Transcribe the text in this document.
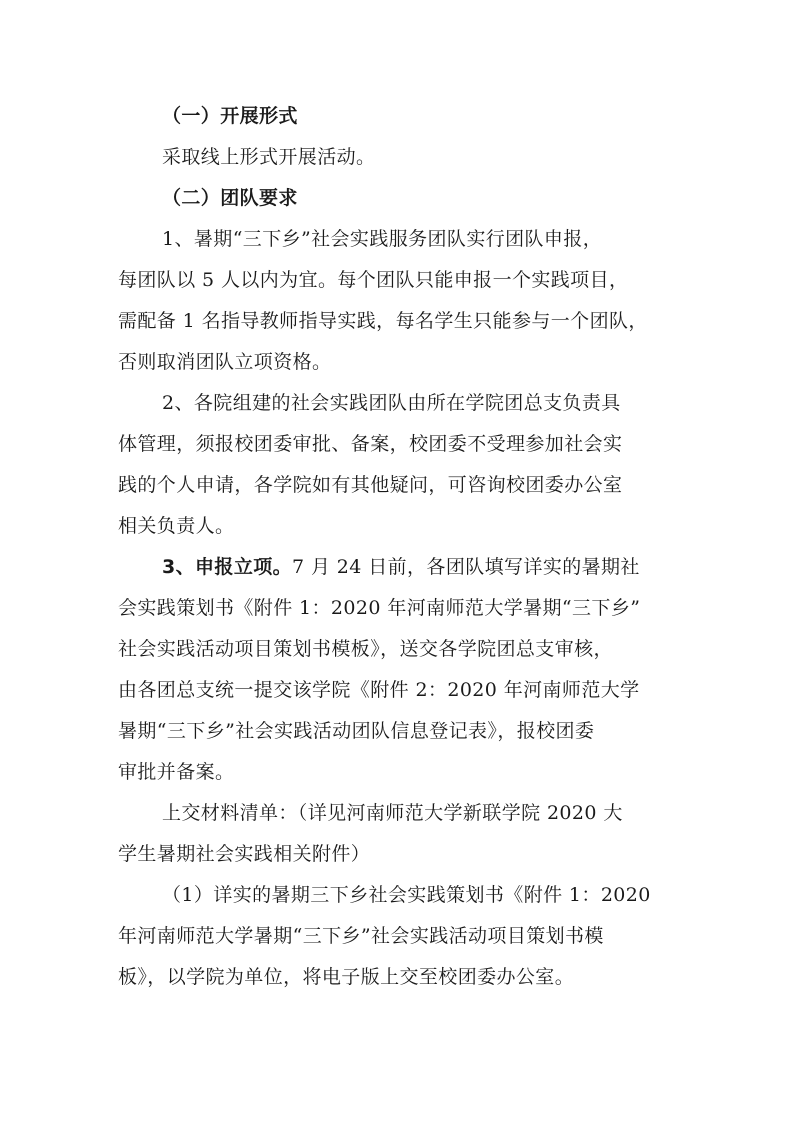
（一）开展形式

采取线上形式开展活动。

（二）团队要求

1、暑期“三下乡”社会实践服务团队实行团队申报，
每团队以 5 人以内为宜。每个团队只能申报一个实践项目，
需配备 1 名指导教师指导实践，每名学生只能参与一个团队，
否则取消团队立项资格。

2、各院组建的社会实践团队由所在学院团总支负责具
体管理，须报校团委审批、备案，校团委不受理参加社会实
践的个人申请，各学院如有其他疑问，可咨询校团委办公室
相关负责人。

3、申报立项。7 月 24 日前，各团队填写详实的暑期社
会实践策划书《附件 1：2020 年河南师范大学暑期“三下乡”
社会实践活动项目策划书模板》，送交各学院团总支审核，
由各团总支统一提交该学院《附件 2：2020 年河南师范大学
暑期“三下乡”社会实践活动团队信息登记表》，报校团委
审批并备案。

上交材料清单：（详见河南师范大学新联学院 2020 大
学生暑期社会实践相关附件）

（1）详实的暑期三下乡社会实践策划书《附件 1：2020
年河南师范大学暑期“三下乡”社会实践活动项目策划书模
板》，以学院为单位，将电子版上交至校团委办公室。
